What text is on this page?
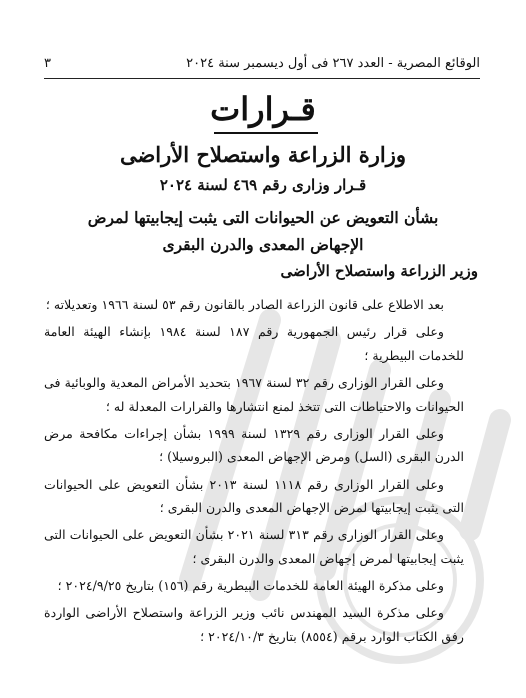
الوقائع المصرية - العدد ٢٦٧ فى أول ديسمبر سنة ٢٠٢٤
٣
قـرارات
وزارة الزراعة واستصلاح الأراضى
قـرار وزارى رقم ٤٦٩ لسنة ٢٠٢٤
بشأن التعويض عن الحيوانات التى يثبت إيجابيتها لمرض الإجهاض المعدى والدرن البقرى
وزير الزراعة واستصلاح الأراضى

بعد الاطلاع على قانون الزراعة الصادر بالقانون رقم ٥٣ لسنة ١٩٦٦ وتعديلاته ؛

وعلى قرار رئيس الجمهورية رقم ١٨٧ لسنة ١٩٨٤ بإنشاء الهيئة العامة للخدمات البيطرية ؛

وعلى القرار الوزارى رقم ٣٢ لسنة ١٩٦٧ بتحديد الأمراض المعدية والوبائية فى الحيوانات والاحتياطات التى تتخذ لمنع انتشارها والقرارات المعدلة له ؛

وعلى القرار الوزارى رقم ١٣٢٩ لسنة ١٩٩٩ بشأن إجراءات مكافحة مرض الدرن البقرى (السل) ومرض الإجهاض المعدى (البروسيلا) ؛

وعلى القرار الوزارى رقم ١١١٨ لسنة ٢٠١٣ بشأن التعويض على الحيوانات التى يثبت إيجابيتها لمرض الإجهاض المعدى والدرن البقرى ؛

وعلى القرار الوزارى رقم ٣١٣ لسنة ٢٠٢١ بشأن التعويض على الحيوانات التى يثبت إيجابيتها لمرض إجهاض المعدى والدرن البقرى ؛

وعلى مذكرة الهيئة العامة للخدمات البيطرية رقم (١٥٦) بتاريخ ٢٠٢٤/٩/٢٥ ؛

وعلى مذكرة السيد المهندس نائب وزير الزراعة واستصلاح الأراضى الواردة رفق الكتاب الوارد برقم (٨٥٥٤) بتاريخ ٢٠٢٤/١٠/٣ ؛
